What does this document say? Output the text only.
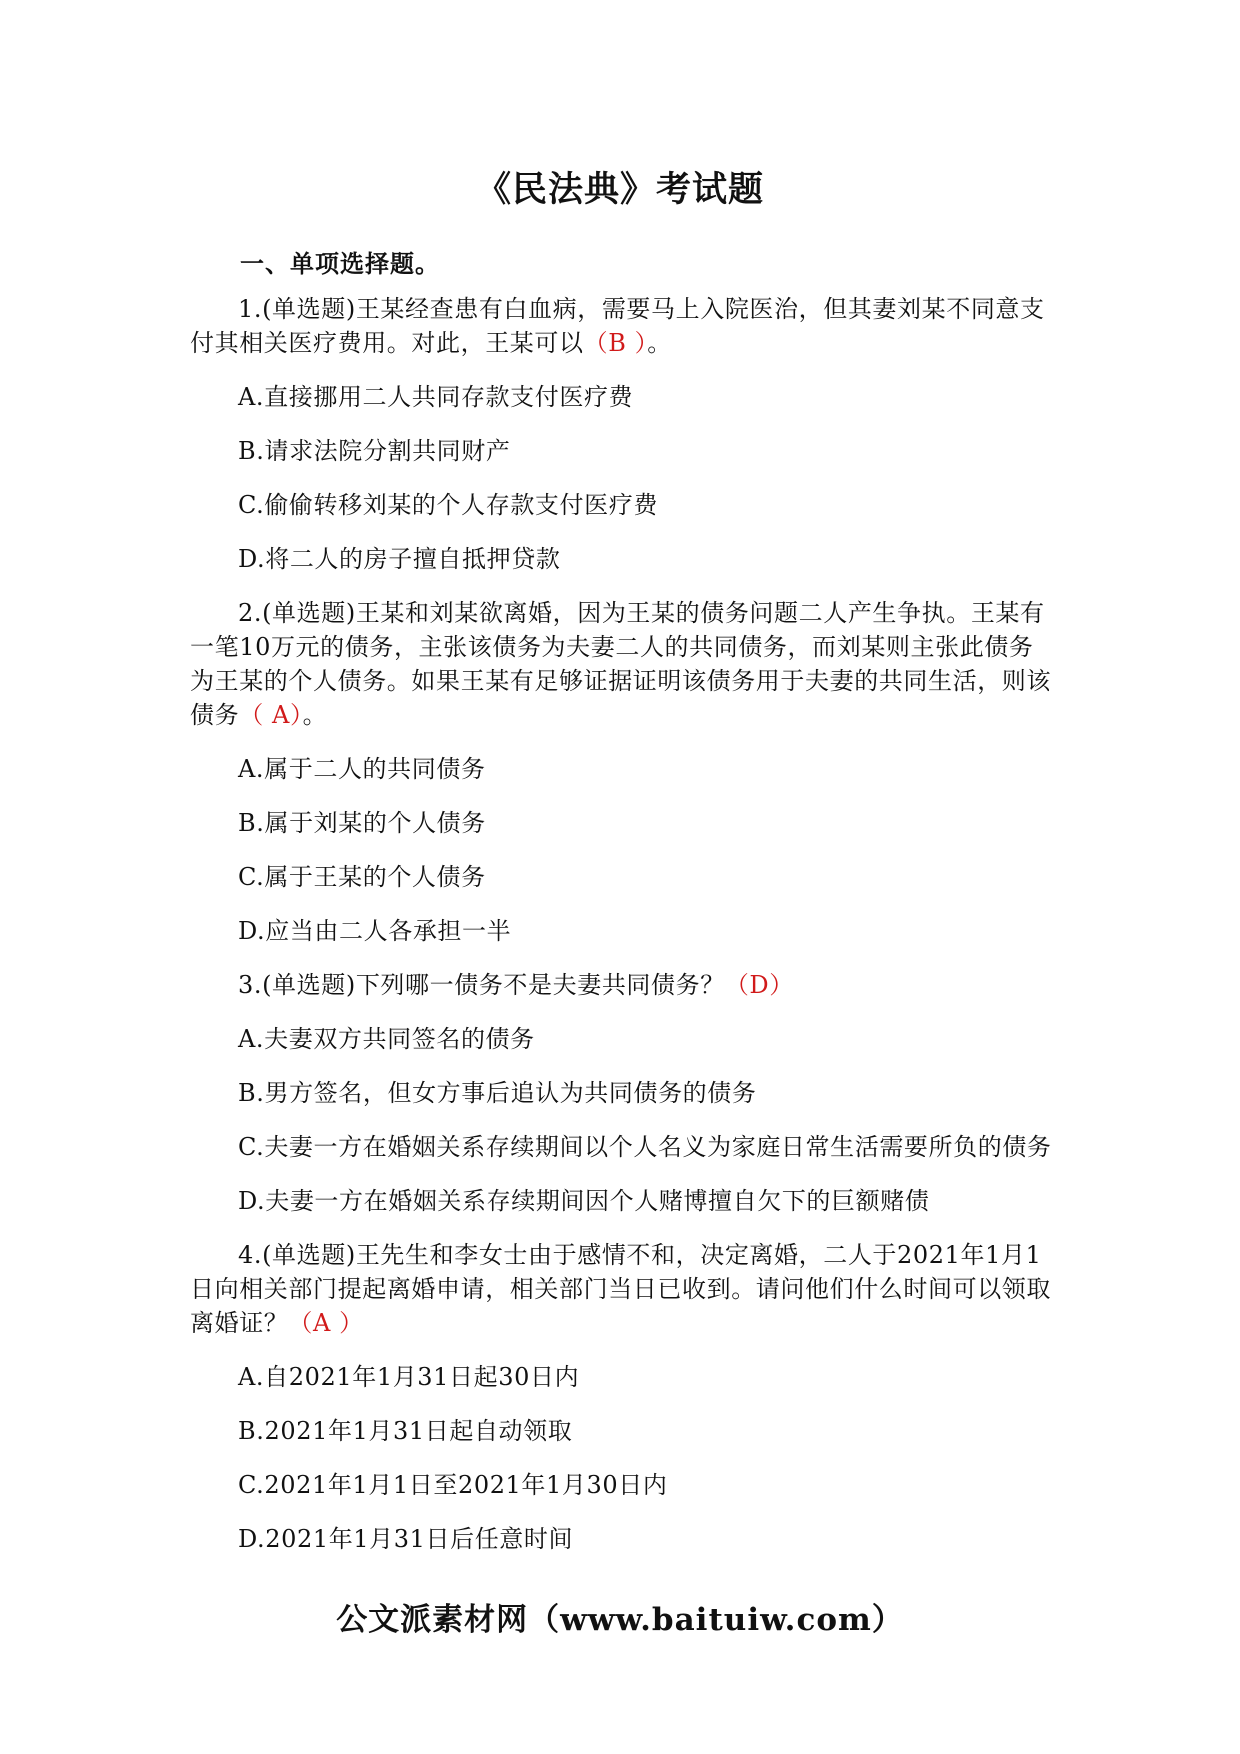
《民法典》考试题
一、单项选择题。

1.(单选题)王某经查患有白血病，需要马上入院医治，但其妻刘某不同意支付其相关医疗费用。对此，王某可以（B ）。

A.直接挪用二人共同存款支付医疗费

B.请求法院分割共同财产

C.偷偷转移刘某的个人存款支付医疗费

D.将二人的房子擅自抵押贷款

2.(单选题)王某和刘某欲离婚，因为王某的债务问题二人产生争执。王某有一笔10万元的债务，主张该债务为夫妻二人的共同债务，而刘某则主张此债务为王某的个人债务。如果王某有足够证据证明该债务用于夫妻的共同生活，则该债务（ A）。

A.属于二人的共同债务

B.属于刘某的个人债务

C.属于王某的个人债务

D.应当由二人各承担一半

3.(单选题)下列哪一债务不是夫妻共同债务？（D）

A.夫妻双方共同签名的债务

B.男方签名，但女方事后追认为共同债务的债务

C.夫妻一方在婚姻关系存续期间以个人名义为家庭日常生活需要所负的债务

D.夫妻一方在婚姻关系存续期间因个人赌博擅自欠下的巨额赌债

4.(单选题)王先生和李女士由于感情不和，决定离婚，二人于2021年1月1日向相关部门提起离婚申请，相关部门当日已收到。请问他们什么时间可以领取离婚证？（A ）

A.自2021年1月31日起30日内

B.2021年1月31日起自动领取

C.2021年1月1日至2021年1月30日内

D.2021年1月31日后任意时间

公文派素材网（www.baituiw.com）
